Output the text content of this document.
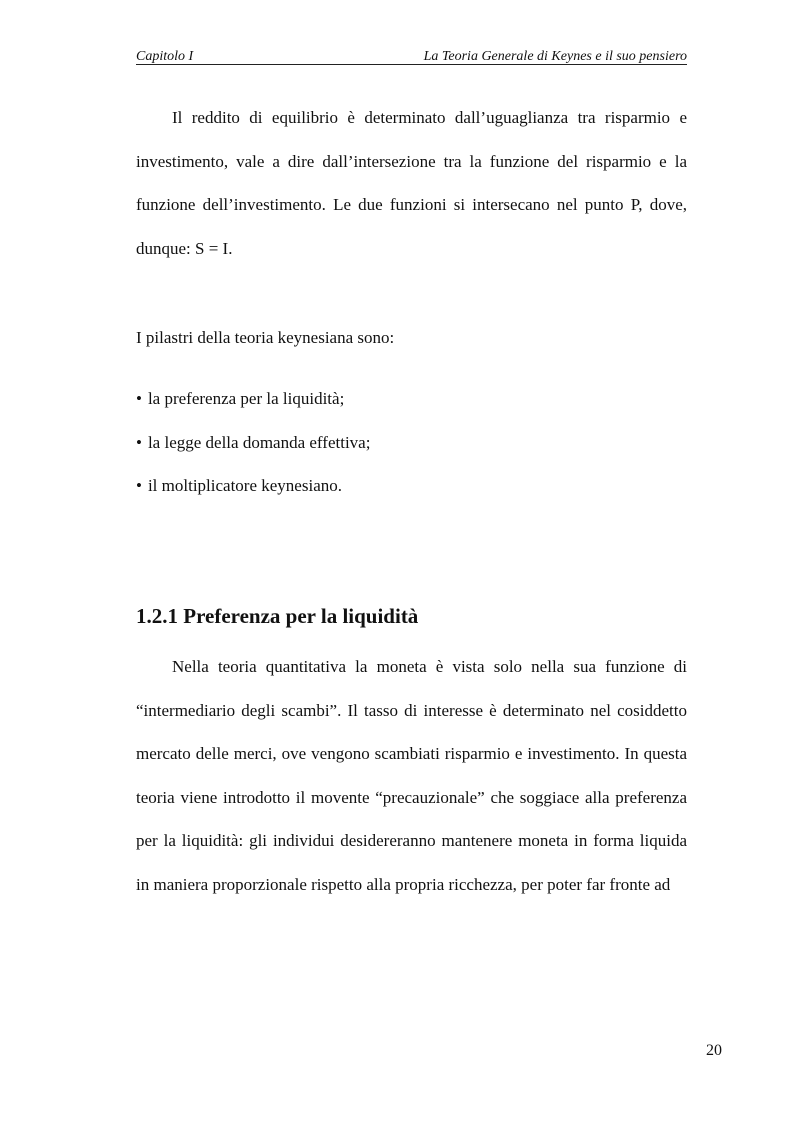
Capitolo I	La Teoria Generale di Keynes e il suo pensiero

Il reddito di equilibrio è determinato dall’uguaglianza tra risparmio e investimento, vale a dire dall’intersezione tra la funzione del risparmio e la funzione dell’investimento. Le due funzioni si intersecano nel punto P, dove, dunque: S = I.

I pilastri della teoria keynesiana sono:

• la preferenza per la liquidità;
• la legge della domanda effettiva;
• il moltiplicatore keynesiano.
1.2.1 Preferenza per la liquidità

Nella teoria quantitativa la moneta è vista solo nella sua funzione di “intermediario degli scambi”. Il tasso di interesse è determinato nel cosiddetto mercato delle merci, ove vengono scambiati risparmio e investimento. In questa teoria viene introdotto il movente “precauzionale” che soggiace alla preferenza per la liquidità: gli individui desidereranno mantenere moneta in forma liquida in maniera proporzionale rispetto alla propria ricchezza, per poter far fronte ad

20
